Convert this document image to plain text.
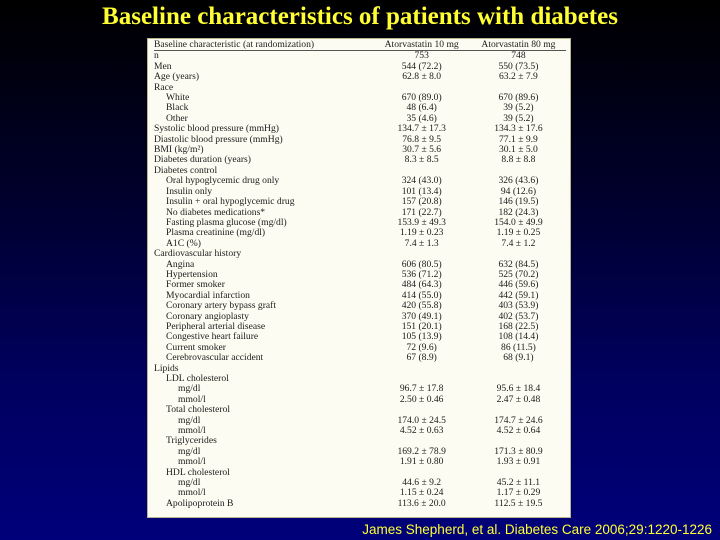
Baseline characteristics of patients with diabetes
Baseline characteristic (at randomization)	Atorvastatin 10 mg	Atorvastatin 80 mg
n	753	748
Men	544 (72.2)	550 (73.5)
Age (years)	62.8 ± 8.0	63.2 ± 7.9
Race		
White	670 (89.0)	670 (89.6)
Black	48 (6.4)	39 (5.2)
Other	35 (4.6)	39 (5.2)
Systolic blood pressure (mmHg)	134.7 ± 17.3	134.3 ± 17.6
Diastolic blood pressure (mmHg)	76.8 ± 9.5	77.1 ± 9.9
BMI (kg/m²)	30.7 ± 5.6	30.1 ± 5.0
Diabetes duration (years)	8.3 ± 8.5	8.8 ± 8.8
Diabetes control		
Oral hypoglycemic drug only	324 (43.0)	326 (43.6)
Insulin only	101 (13.4)	94 (12.6)
Insulin + oral hypoglycemic drug	157 (20.8)	146 (19.5)
No diabetes medications*	171 (22.7)	182 (24.3)
Fasting plasma glucose (mg/dl)	153.9 ± 49.3	154.0 ± 49.9
Plasma creatinine (mg/dl)	1.19 ± 0.23	1.19 ± 0.25
A1C (%)	7.4 ± 1.3	7.4 ± 1.2
Cardiovascular history		
Angina	606 (80.5)	632 (84.5)
Hypertension	536 (71.2)	525 (70.2)
Former smoker	484 (64.3)	446 (59.6)
Myocardial infarction	414 (55.0)	442 (59.1)
Coronary artery bypass graft	420 (55.8)	403 (53.9)
Coronary angioplasty	370 (49.1)	402 (53.7)
Peripheral arterial disease	151 (20.1)	168 (22.5)
Congestive heart failure	105 (13.9)	108 (14.4)
Current smoker	72 (9.6)	86 (11.5)
Cerebrovascular accident	67 (8.9)	68 (9.1)
Lipids		
LDL cholesterol		
mg/dl	96.7 ± 17.8	95.6 ± 18.4
mmol/l	2.50 ± 0.46	2.47 ± 0.48
Total cholesterol		
mg/dl	174.0 ± 24.5	174.7 ± 24.6
mmol/l	4.52 ± 0.63	4.52 ± 0.64
Triglycerides		
mg/dl	169.2 ± 78.9	171.3 ± 80.9
mmol/l	1.91 ± 0.80	1.93 ± 0.91
HDL cholesterol		
mg/dl	44.6 ± 9.2	45.2 ± 11.1
mmol/l	1.15 ± 0.24	1.17 ± 0.29
Apolipoprotein B	113.6 ± 20.0	112.5 ± 19.5
James Shepherd, et al. Diabetes Care 2006;29:1220-1226
